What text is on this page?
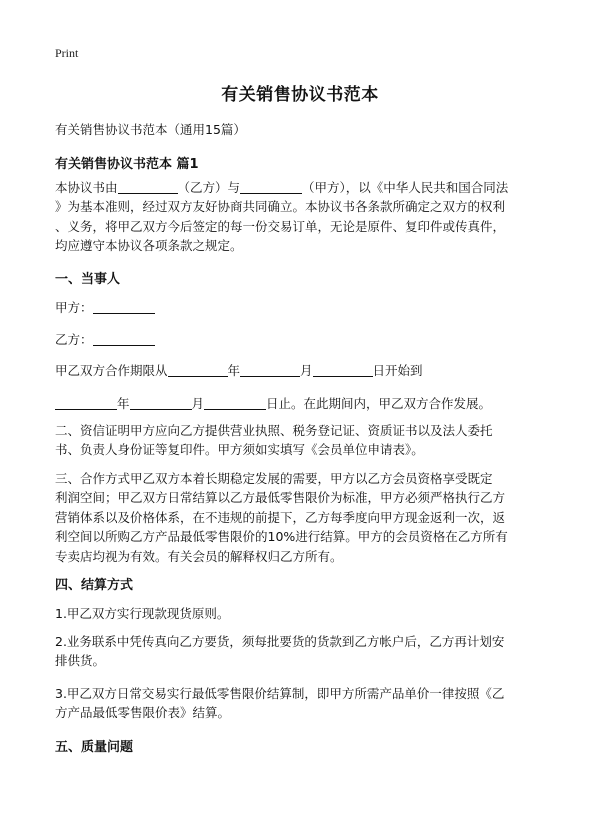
Print
有关销售协议书范本
有关销售协议书范本（通用15篇）
有关销售协议书范本 篇1
本协议书由	（乙方）与	（甲方），以《中华人民共和国合同法
》为基本准则，经过双方友好协商共同确立。本协议书各条款所确定之双方的权利
、义务，将甲乙双方今后签定的每一份交易订单，无论是原件、复印件或传真件，
均应遵守本协议各项条款之规定。
一、当事人
甲方：
乙方：
甲乙双方合作期限从	年	月	日开始到
年	月	日止。在此期间内，甲乙双方合作发展。
二、资信证明甲方应向乙方提供营业执照、税务登记证、资质证书以及法人委托
书、负责人身份证等复印件。甲方须如实填写《会员单位申请表》。
三、合作方式甲乙双方本着长期稳定发展的需要，甲方以乙方会员资格享受既定
利润空间；甲乙双方日常结算以乙方最低零售限价为标准，甲方必须严格执行乙方
营销体系以及价格体系，在不违规的前提下，乙方每季度向甲方现金返利一次，返
利空间以所购乙方产品最低零售限价的10%进行结算。甲方的会员资格在乙方所有
专卖店均视为有效。有关会员的解释权归乙方所有。
四、结算方式
1.甲乙双方实行现款现货原则。
2.业务联系中凭传真向乙方要货，须每批要货的货款到乙方帐户后，乙方再计划安
排供货。
3.甲乙双方日常交易实行最低零售限价结算制，即甲方所需产品单价一律按照《乙
方产品最低零售限价表》结算。
五、质量问题
